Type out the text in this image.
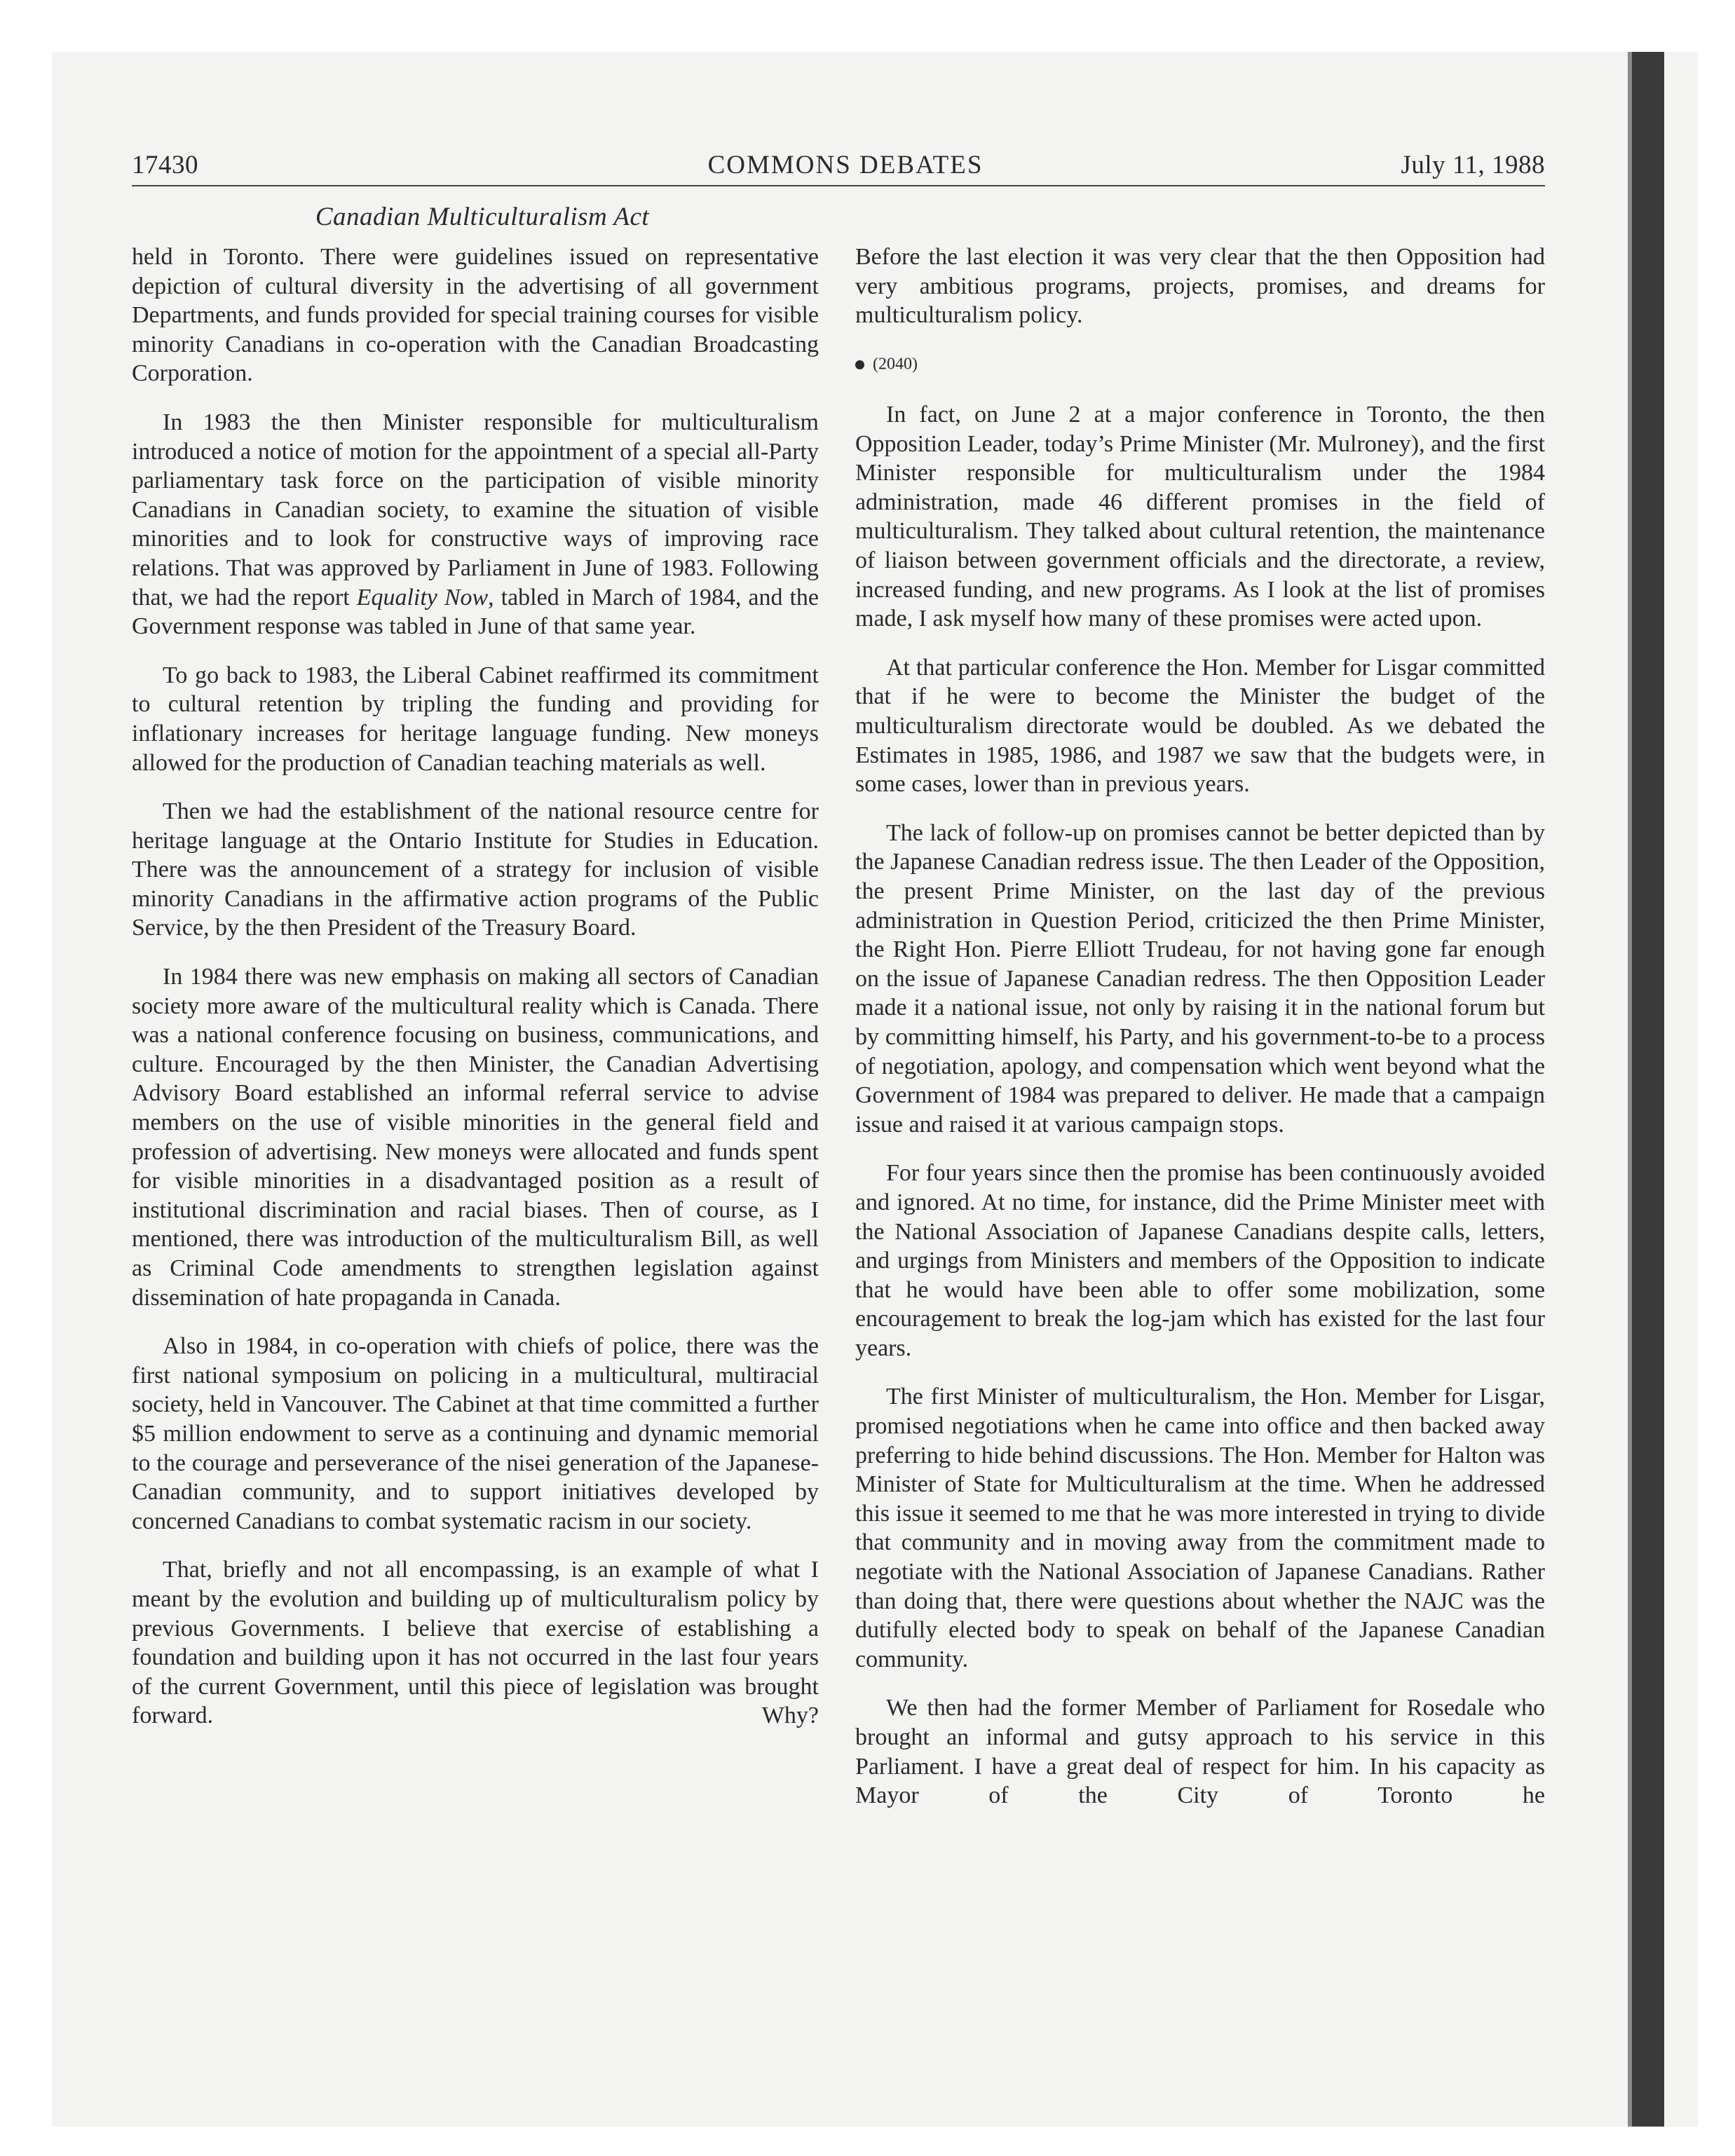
17430	COMMONS DEBATES	July 11, 1988
Canadian Multiculturalism Act

held in Toronto. There were guidelines issued on representative depiction of cultural diversity in the advertising of all government Departments, and funds provided for special training courses for visible minority Canadians in co-operation with the Canadian Broadcasting Corporation.

In 1983 the then Minister responsible for multiculturalism introduced a notice of motion for the appointment of a special all-Party parliamentary task force on the participation of visible minority Canadians in Canadian society, to examine the situation of visible minorities and to look for constructive ways of improving race relations. That was approved by Parliament in June of 1983. Following that, we had the report Equality Now, tabled in March of 1984, and the Government response was tabled in June of that same year.

To go back to 1983, the Liberal Cabinet reaffirmed its commitment to cultural retention by tripling the funding and providing for inflationary increases for heritage language funding. New moneys allowed for the production of Canadian teaching materials as well.

Then we had the establishment of the national resource centre for heritage language at the Ontario Institute for Studies in Education. There was the announcement of a strategy for inclusion of visible minority Canadians in the affirmative action programs of the Public Service, by the then President of the Treasury Board.

In 1984 there was new emphasis on making all sectors of Canadian society more aware of the multicultural reality which is Canada. There was a national conference focusing on business, communications, and culture. Encouraged by the then Minister, the Canadian Advertising Advisory Board established an informal referral service to advise members on the use of visible minorities in the general field and profession of advertising. New moneys were allocated and funds spent for visible minorities in a disadvantaged position as a result of institutional discrimination and racial biases. Then of course, as I mentioned, there was introduction of the multiculturalism Bill, as well as Criminal Code amendments to strengthen legislation against dissemination of hate propaganda in Canada.

Also in 1984, in co-operation with chiefs of police, there was the first national symposium on policing in a multicultural, multiracial society, held in Vancouver. The Cabinet at that time committed a further $5 million endowment to serve as a continuing and dynamic memorial to the courage and perseverance of the nisei generation of the Japanese-Canadian community, and to support initiatives developed by concerned Canadians to combat systematic racism in our society.

That, briefly and not all encompassing, is an example of what I meant by the evolution and building up of multiculturalism policy by previous Governments. I believe that exercise of establishing a foundation and building upon it has not occurred in the last four years of the current Government, until this piece of legislation was brought forward. Why?

Before the last election it was very clear that the then Opposition had very ambitious programs, projects, promises, and dreams for multiculturalism policy.

(2040)

In fact, on June 2 at a major conference in Toronto, the then Opposition Leader, today’s Prime Minister (Mr. Mulroney), and the first Minister responsible for multiculturalism under the 1984 administration, made 46 different promises in the field of multiculturalism. They talked about cultural retention, the maintenance of liaison between government officials and the directorate, a review, increased funding, and new programs. As I look at the list of promises made, I ask myself how many of these promises were acted upon.

At that particular conference the Hon. Member for Lisgar committed that if he were to become the Minister the budget of the multiculturalism directorate would be doubled. As we debated the Estimates in 1985, 1986, and 1987 we saw that the budgets were, in some cases, lower than in previous years.

The lack of follow-up on promises cannot be better depicted than by the Japanese Canadian redress issue. The then Leader of the Opposition, the present Prime Minister, on the last day of the previous administration in Question Period, criticized the then Prime Minister, the Right Hon. Pierre Elliott Trudeau, for not having gone far enough on the issue of Japanese Canadian redress. The then Opposition Leader made it a national issue, not only by raising it in the national forum but by committing himself, his Party, and his government-to-be to a process of negotiation, apology, and compensation which went beyond what the Government of 1984 was prepared to deliver. He made that a campaign issue and raised it at various campaign stops.

For four years since then the promise has been continuously avoided and ignored. At no time, for instance, did the Prime Minister meet with the National Association of Japanese Canadians despite calls, letters, and urgings from Ministers and members of the Opposition to indicate that he would have been able to offer some mobilization, some encouragement to break the log-jam which has existed for the last four years.

The first Minister of multiculturalism, the Hon. Member for Lisgar, promised negotiations when he came into office and then backed away preferring to hide behind discussions. The Hon. Member for Halton was Minister of State for Multiculturalism at the time. When he addressed this issue it seemed to me that he was more interested in trying to divide that community and in moving away from the commitment made to negotiate with the National Association of Japanese Canadians. Rather than doing that, there were questions about whether the NAJC was the dutifully elected body to speak on behalf of the Japanese Canadian community.

We then had the former Member of Parliament for Rosedale who brought an informal and gutsy approach to his service in this Parliament. I have a great deal of respect for him. In his capacity as Mayor of the City of Toronto he
